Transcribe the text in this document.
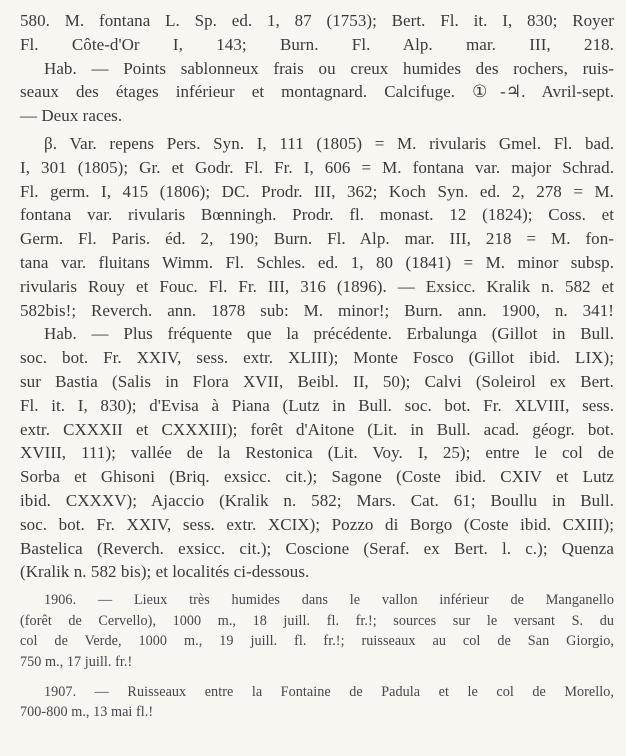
580. M. fontana L. Sp. ed. 1, 87 (1753); Bert. Fl. it. I, 830; Royer
Fl. Côte-d'Or I, 143; Burn. Fl. Alp. mar. III, 218.
Hab. — Points sablonneux frais ou creux humides des rochers, ruis-
seaux des étages inférieur et montagnard. Calcifuge. ①-♃. Avril-sept.
— Deux races.

β. Var. repens Pers. Syn. I, 111 (1805) = M. rivularis Gmel. Fl. bad.
I, 301 (1805); Gr. et Godr. Fl. Fr. I, 606 = M. fontana var. major Schrad.
Fl. germ. I, 415 (1806); DC. Prodr. III, 362; Koch Syn. ed. 2, 278 = M.
fontana var. rivularis Bœnningh. Prodr. fl. monast. 12 (1824); Coss. et
Germ. Fl. Paris. éd. 2, 190; Burn. Fl. Alp. mar. III, 218 = M. fon-
tana var. fluitans Wimm. Fl. Schles. ed. 1, 80 (1841) = M. minor subsp.
rivularis Rouy et Fouc. Fl. Fr. III, 316 (1896). — Exsicc. Kralik n. 582 et
582bis!; Reverch. ann. 1878 sub: M. minor!; Burn. ann. 1900, n. 341!

Hab. — Plus fréquente que la précédente. Erbalunga (Gillot in Bull.
soc. bot. Fr. XXIV, sess. extr. XLIII); Monte Fosco (Gillot ibid. LIX);
sur Bastia (Salis in Flora XVII, Beibl. II, 50); Calvi (Soleirol ex Bert.
Fl. it. I, 830); d'Evisa à Piana (Lutz in Bull. soc. bot. Fr. XLVIII, sess.
extr. CXXXII et CXXXIII); forêt d'Aitone (Lit. in Bull. acad. géogr. bot.
XVIII, 111); vallée de la Restonica (Lit. Voy. I, 25); entre le col de
Sorba et Ghisoni (Briq. exsicc. cit.); Sagone (Coste ibid. CXIV et Lutz
ibid. CXXXV); Ajaccio (Kralik n. 582; Mars. Cat. 61; Boullu in Bull.
soc. bot. Fr. XXIV, sess. extr. XCIX); Pozzo di Borgo (Coste ibid. CXIII);
Bastelica (Reverch. exsicc. cit.); Coscione (Seraf. ex Bert. l. c.); Quenza
(Kralik n. 582 bis); et localités ci-dessous.

1906. — Lieux très humides dans le vallon inférieur de Manganello
(forêt de Cervello), 1000 m., 18 juill. fl. fr.!; sources sur le versant S. du
col de Verde, 1000 m., 19 juill. fl. fr.!; ruisseaux au col de San Giorgio,
750 m., 17 juill. fr.!

1907. — Ruisseaux entre la Fontaine de Padula et le col de Morello,
700-800 m., 13 mai fl.!
